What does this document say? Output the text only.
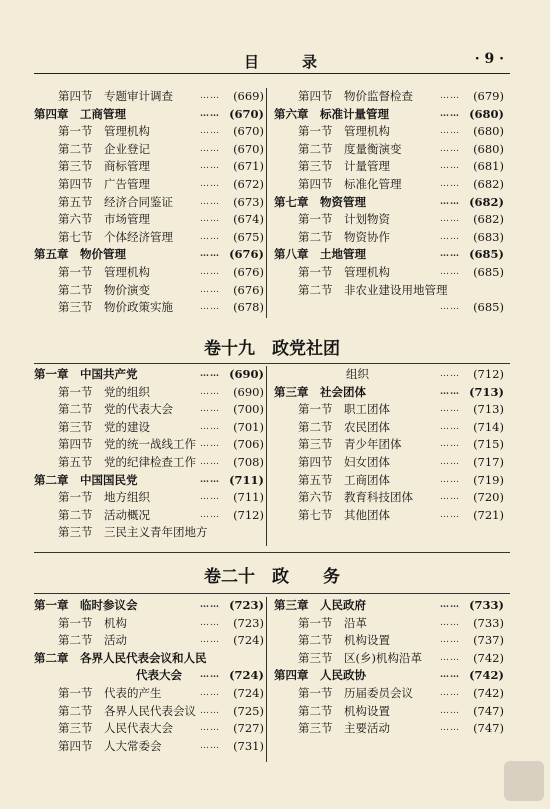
目　录	· 9 ·
第四节　专题审计调查	…… (669)
第四章　工商管理	…… (670)
第一节　管理机构	…… (670)
第二节　企业登记	…… (670)
第三节　商标管理	…… (671)
第四节　广告管理	…… (672)
第五节　经济合同鉴证	…… (673)
第六节　市场管理	…… (674)
第七节　个体经济管理	…… (675)
第五章　物价管理	…… (676)
第一节　管理机构	…… (676)
第二节　物价演变	…… (676)
第三节　物价政策实施	…… (678)
第四节　物价监督检查	…… (679)
第六章　标准计量管理	…… (680)
第一节　管理机构	…… (680)
第二节　度量衡演变	…… (680)
第三节　计量管理	…… (681)
第四节　标准化管理	…… (682)
第七章　物资管理	…… (682)
第一节　计划物资	…… (682)
第二节　物资协作	…… (683)
第八章　土地管理	…… (685)
第一节　管理机构	…… (685)
第二节　非农业建设用地管理
…… (685)
卷十九　政党社团
第一章　中国共产党	…… (690)
第一节　党的组织	…… (690)
第二节　党的代表大会	…… (700)
第三节　党的建设	…… (701)
第四节　党的统一战线工作 …… (706)
第五节　党的纪律检查工作 …… (708)
第二章　中国国民党	…… (711)
第一节　地方组织	…… (711)
第二节　活动概况	…… (712)
第三节　三民主义青年团地方
组织	…… (712)
第三章　社会团体	…… (713)
第一节　职工团体	…… (713)
第二节　农民团体	…… (714)
第三节　青少年团体	…… (715)
第四节　妇女团体	…… (717)
第五节　工商团体	…… (719)
第六节　教育科技团体	…… (720)
第七节　其他团体	…… (721)
卷二十　政　　务
第一章　临时参议会	…… (723)
第一节　机构	…… (723)
第二节　活动	…… (724)
第二章　各界人民代表会议和人民
代表大会 …… (724)
第一节　代表的产生	…… (724)
第二节　各界人民代表会议 …… (725)
第三节　人民代表大会	…… (727)
第四节　人大常委会	…… (731)
第三章　人民政府	…… (733)
第一节　沿革	…… (733)
第二节　机构设置	…… (737)
第三节　区(乡)机构沿革 …… (742)
第四章　人民政协	…… (742)
第一节　历届委员会议	…… (742)
第二节　机构设置	…… (747)
第三节　主要活动	…… (747)
